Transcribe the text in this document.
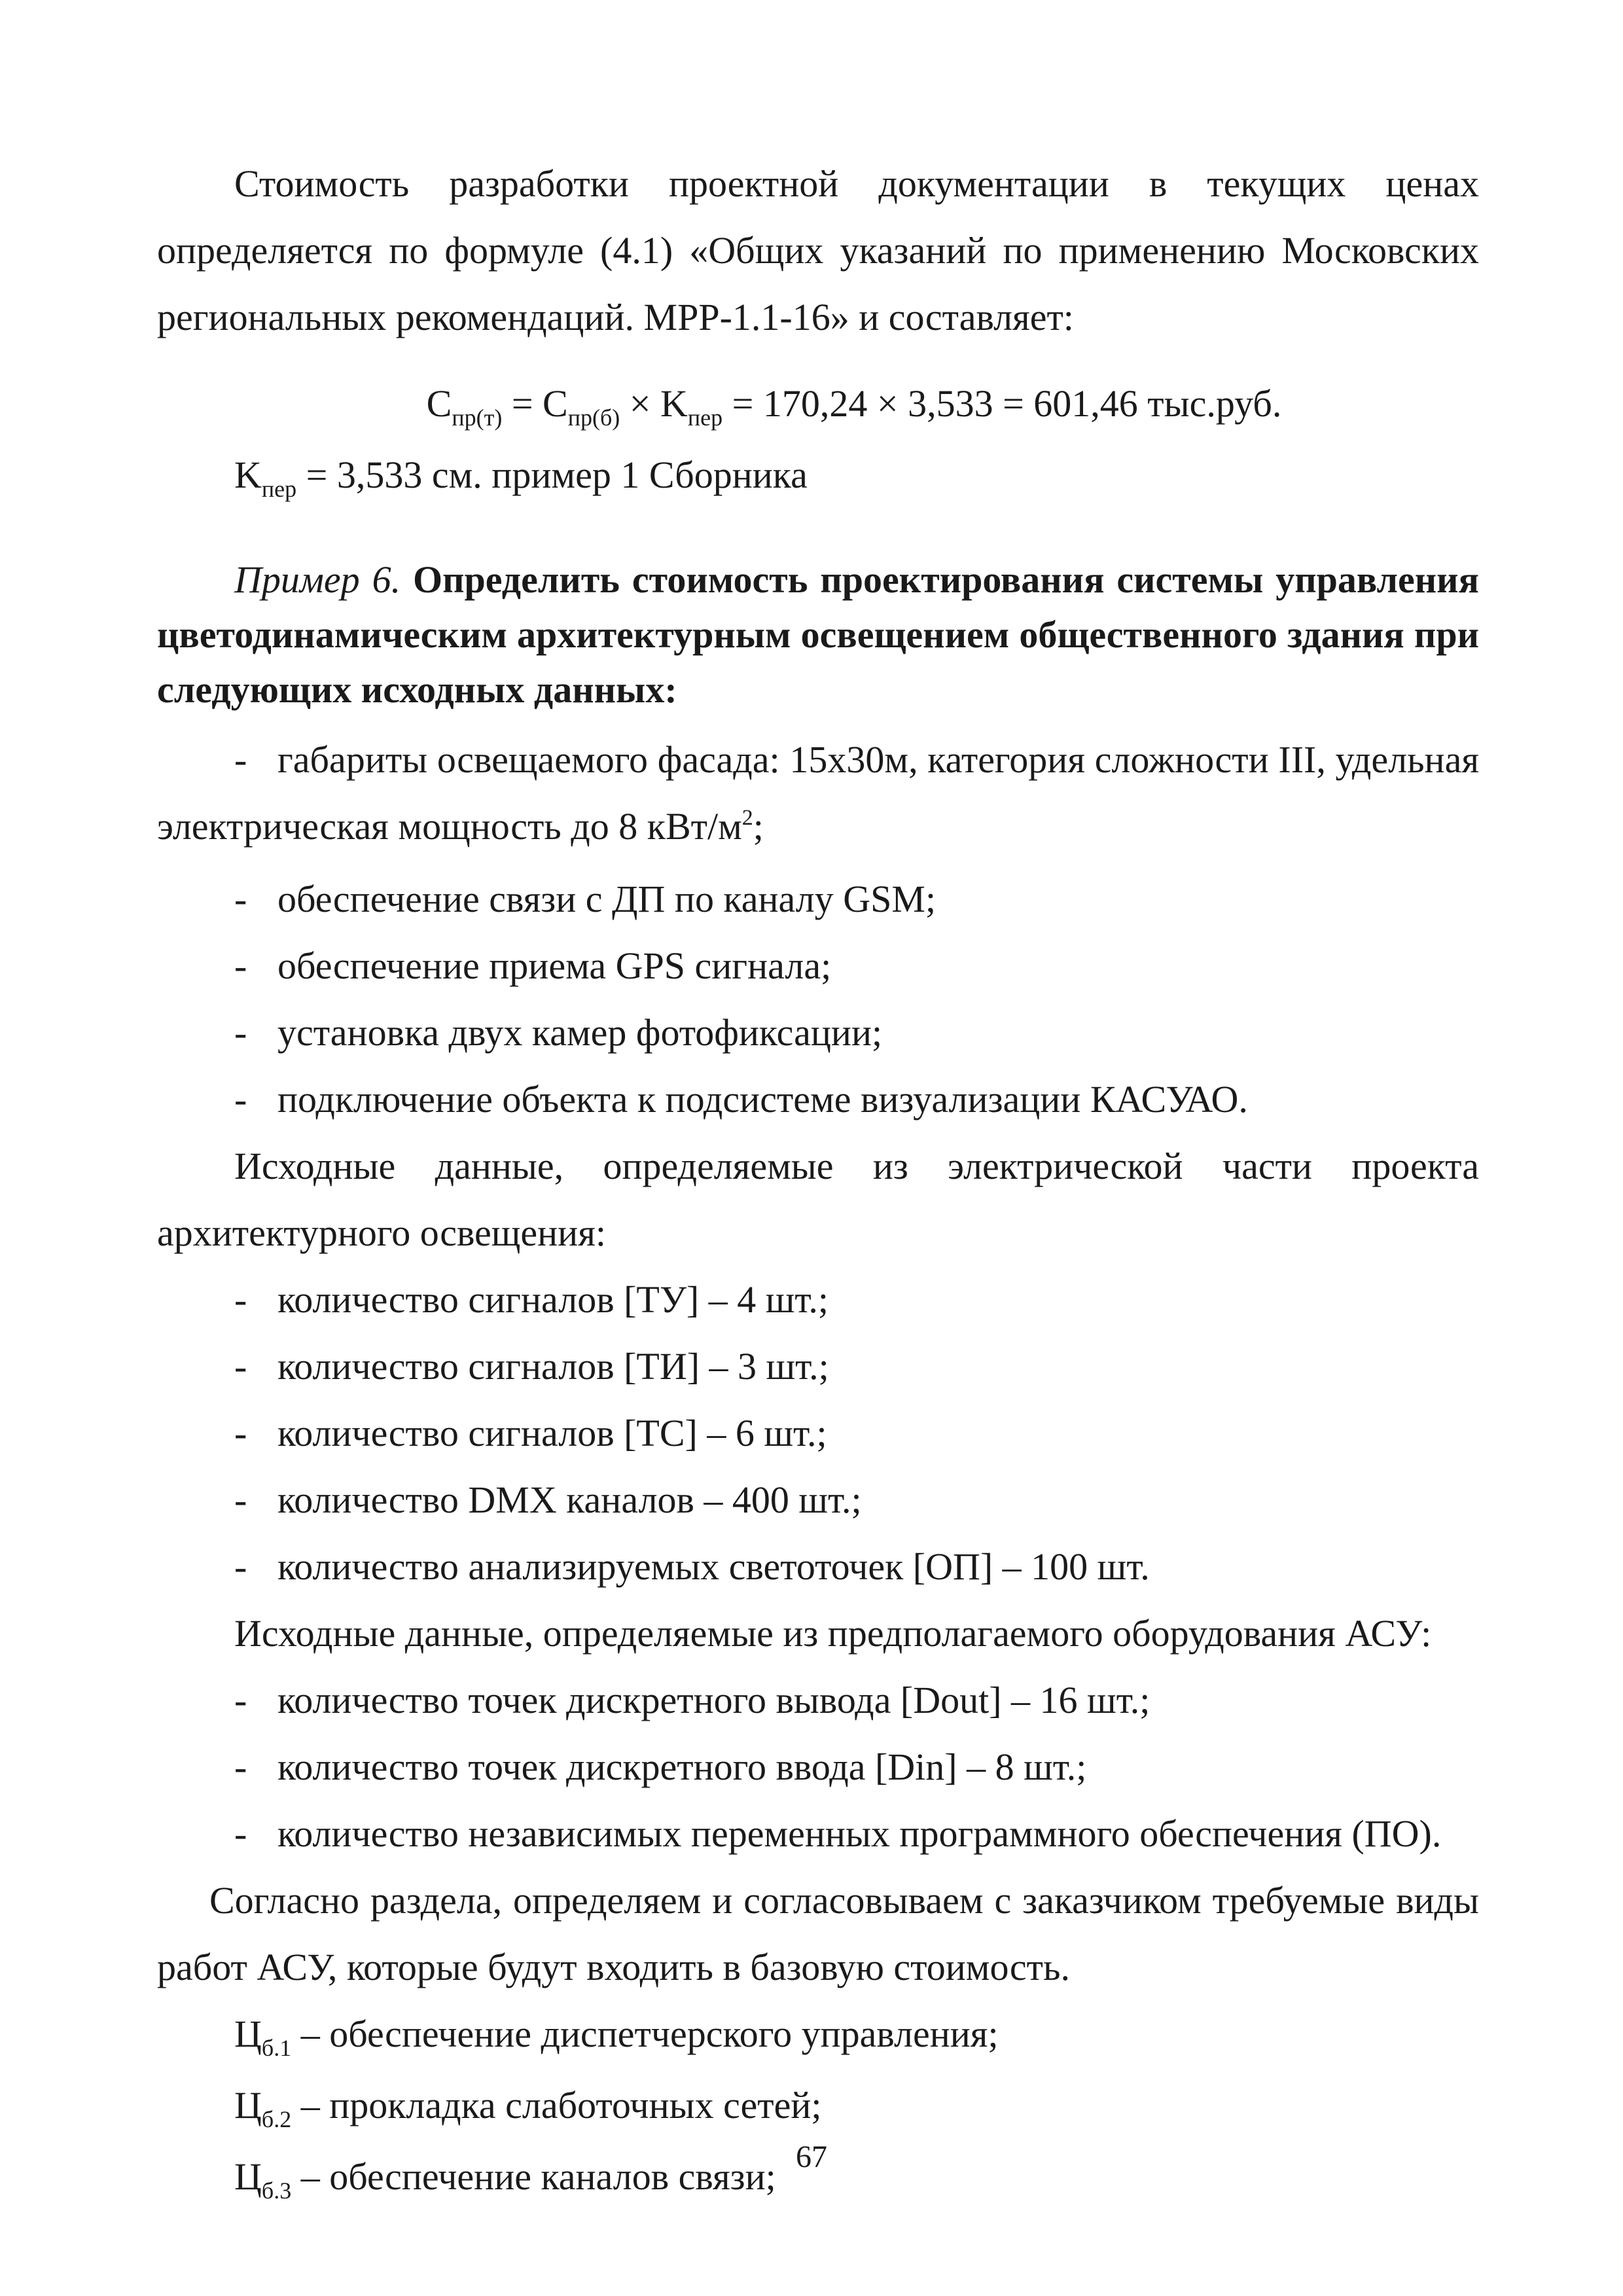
Стоимость разработки проектной документации в текущих ценах определяется по формуле (4.1) «Общих указаний по применению Московских региональных рекомендаций. МРР-1.1-16» и составляет:

$C_{пр(т)} = C_{пр(б)} \times K_{пер} = 170,24 \times 3,533 = 601,46$ тыс.руб.

$K_{пер} = 3,533$ см. пример 1 Сборника

Пример 6. Определить стоимость проектирования системы управления цветодинамическим архитектурным освещением общественного здания при следующих исходных данных:

- габариты освещаемого фасада: 15х30м, категория сложности III, удельная электрическая мощность до 8 кВт/$м^2$;

- обеспечение связи с ДП по каналу GSM;

- обеспечение приема GPS сигнала;

- установка двух камер фотофиксации;

- подключение объекта к подсистеме визуализации КАСУАО.

Исходные данные, определяемые из электрической части проекта архитектурного освещения:

- количество сигналов [ТУ] – 4 шт.;

- количество сигналов [ТИ] – 3 шт.;

- количество сигналов [ТС] – 6 шт.;

- количество DMX каналов – 400 шт.;

- количество анализируемых светоточек [ОП] – 100 шт.

Исходные данные, определяемые из предполагаемого оборудования АСУ:

- количество точек дискретного вывода [Dout] – 16 шт.;

- количество точек дискретного ввода [Din] – 8 шт.;

- количество независимых переменных программного обеспечения (ПО).

Согласно раздела, определяем и согласовываем с заказчиком требуемые виды работ АСУ, которые будут входить в базовую стоимость.

$Ц_{б.1}$ – обеспечение диспетчерского управления;

$Ц_{б.2}$ – прокладка слаботочных сетей;

$Ц_{б.3}$ – обеспечение каналов связи; 67
